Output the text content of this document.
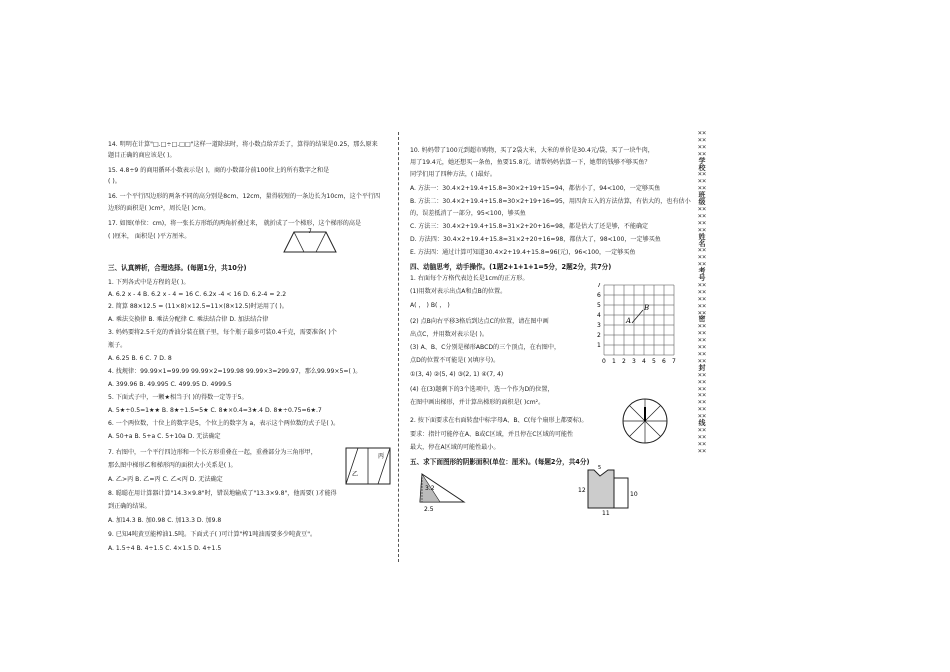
14. 明明在计算"□.□÷□.□□"这样一道除法时，将小数点给弄丢了，算得的结果是0.25，那么原来
题目正确的商应该是( )。
15. 4.8÷9 的商用循环小数表示是( )，商的小数部分前100位上的所有数字之和是
( )。
16. 一个平行四边形的两条不同的高分别是8cm、12cm，量得较短的一条边长为10cm，这个平行四
边形的面积是( )cm²，周长是( )cm。
17. 如图(单位：cm)，将一张长方形纸的两角折叠过来， 就折成了一个梯形，这个梯形的高是
( )厘米， 面积是( )平方厘米。
7
三、认真辨析，合理选择。(每题1分，共10分)
1. 下列各式中是方程的是( )。
A. 6.2 x - 4 B. 6.2 x - 4 = 16 C. 6.2x -4 < 16 D. 6.2-4 = 2.2
2. 简算 88×12.5 = (11×8)×12.5=11×(8×12.5)时运用了( )。
A. 乘法交换律 B. 乘法分配律 C. 乘法结合律 D. 加法结合律
3. 妈妈要将2.5千克的香油分装在瓶子里，每个瓶子最多可装0.4千克，需要准备( )个
瓶子。
A. 6.25 B. 6 C. 7 D. 8
4. 找规律：99.99×1=99.99 99.99×2=199.98 99.99×3=299.97，那么99.99×5=( )。
A. 399.96 B. 49.995 C. 499.95 D. 4999.5
5. 下面式子中，一颗★相当于( )的得数一定等于5。
A. 5★÷0.5=1★★ B. 8★÷1.5=5★ C. 8★×0.4=3★.4 D. 8★÷0.75=6★.7
6. 一个两位数，十位上的数字是5，个位上的数字为 a，表示这个两位数的式子是( )。
A. 50+a B. 5+a C. 5+10a D. 无法确定
7. 右图中，一个平行四边形和一个长方形重叠在一起，重叠部分为三角形甲，
那么图中梯形乙和梯形丙的面积大小关系是( )。
A. 乙>丙 B. 乙=丙 C. 乙<丙 D. 无法确定
8. 聪聪在用计算器计算"14.3×9.8"时，错误地输成了"13.3×9.8"，他需要( )才能得
到正确的结果。
A. 加14.3 B. 加0.98 C. 加13.3 D. 加9.8
9. 已知4吨黄豆能榨油1.5吨。下面式子( )可计算"榨1吨油需要多少吨黄豆"。
A. 1.5÷4 B. 4÷1.5 C. 4×1.5 D. 4+1.5
乙
丙
10. 妈妈带了100元到超市购物，买了2袋大米，大米的单价是30.4元/袋，买了一块牛肉，
用了19.4元，她还想买一条鱼，鱼要15.8元。请帮妈妈估算一下，她带的钱够不够买鱼？
同学们用了四种方法，( )最好。
A. 方法一：30.4×2+19.4+15.8≈30×2+19+15=94，都估小了，94<100，一定够买鱼
B. 方法二：30.4×2+19.4+15.8≈30×2+19+16=95，用四舍五入的方法估算，有估大的，也有估小
的，误差抵消了一部分，95<100，够买鱼
C. 方法三：30.4×2+19.4+15.8≈31×2+20+16=98，都是估大了还是够，不能确定
D. 方法四：30.4×2+19.4+15.8≈31×2+20+16=98，都估大了，98<100，一定够买鱼
E. 方法四：通过计算可知道30.4×2+19.4+15.8=96(元)，96<100，一定够买鱼
四、动脑思考，动手操作。(1题2+1+1+1=5分，2题2分，共7分)
1. 右面每个方格代表边长是1cm的正方形。
(1)用数对表示出点A和点B的位置。
A( ， ) B( ， )
(2) 点B向右平移3格后到达点C的位置，请在图中画
出点C，并用数对表示是( )。
(3) A、B、C分别是梯形ABCD的三个顶点，在右图中，
点D的位置不可能是( )(填序号)。
①(3, 4) ②(5, 4) ③(2, 1) ④(7, 4)
(4) 在(3)题剩下的3个选项中，选一个作为D的位置，
在图中画出梯形，并计算出梯形的面积是( )cm²。
2. 按下面要求在右面转盘中标字母A、B、C(每个扇形上都要标)。
要求：指针可能停在A、B或C区域，并且停在C区域的可能性
最大，停在A区域的可能性最小。
五、求下面图形的阴影面积(单位：厘米)。(每题2分，共4分)
3.2
2.5
12
10
11
5
0 1 2 3 4 5 6 7
1
2
3
4
5
6
7
A
B
××××××××
学校
××××××
班级
××××××××
姓名
××××××
考号
××××××××××
密
××××××××××××
封
××××××××××××××
线
××××××××
